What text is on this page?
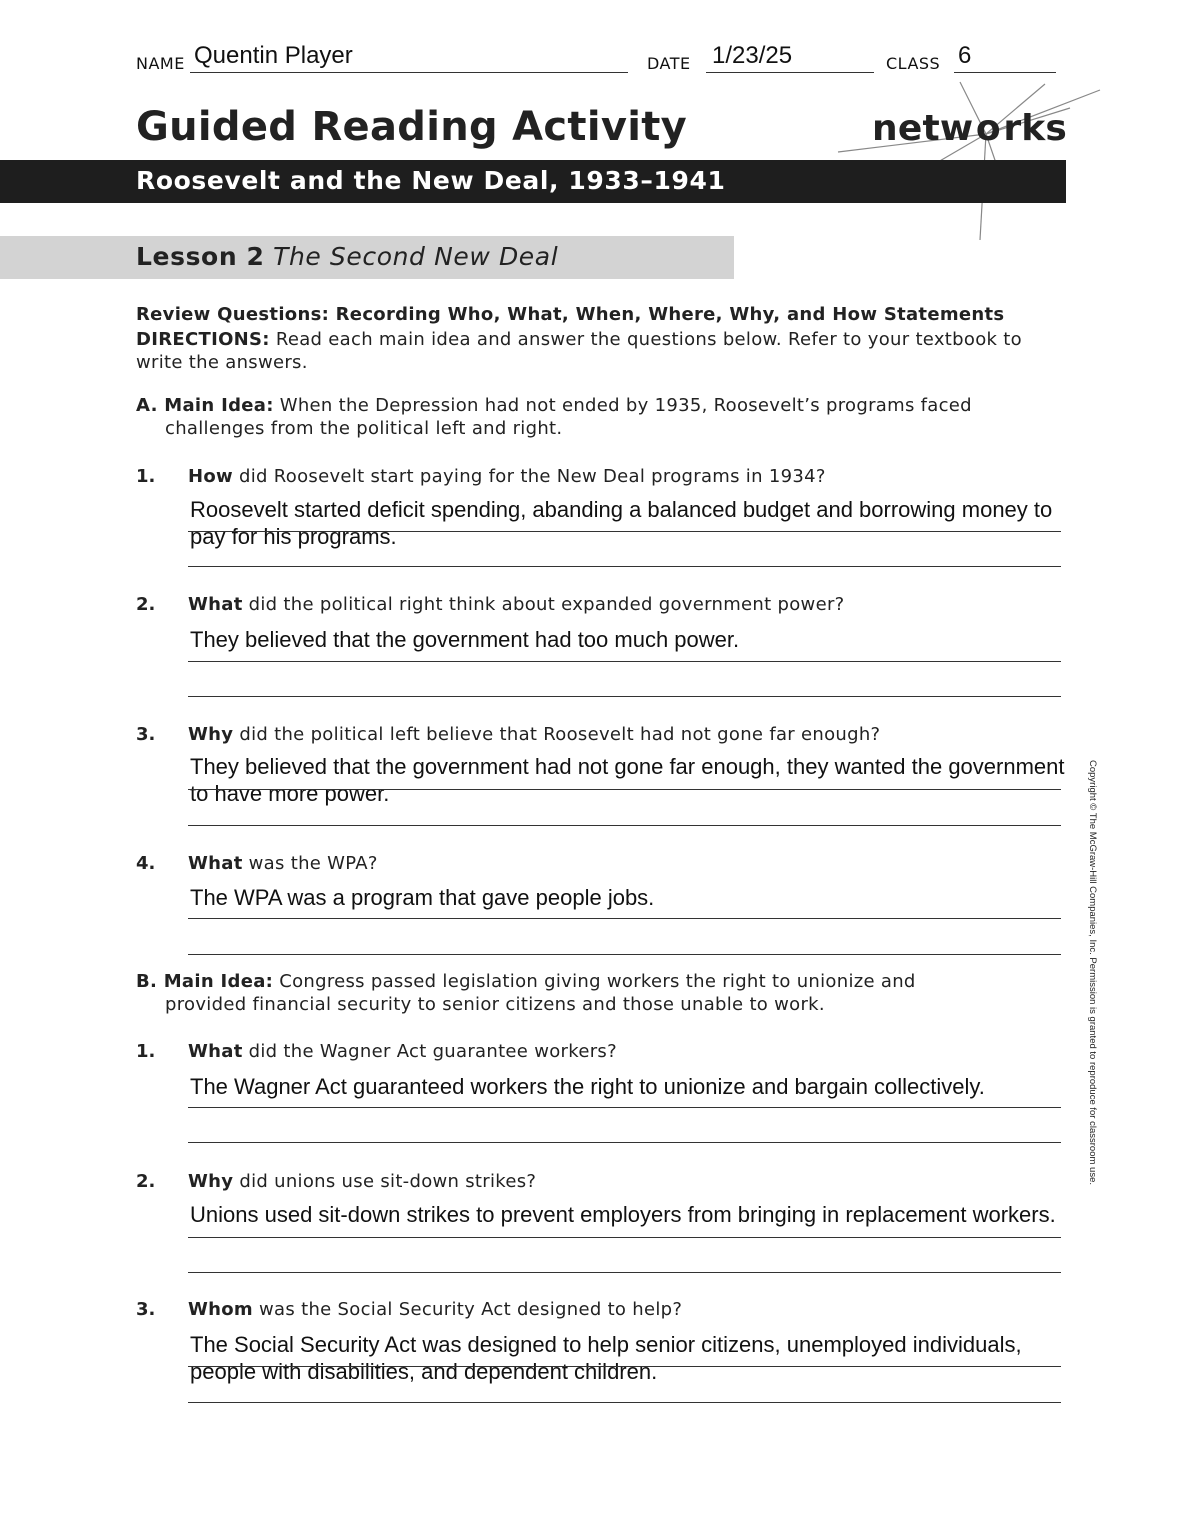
NAME Quentin Player	DATE 1/23/25	CLASS 6
Guided Reading Activity	networks
Roosevelt and the New Deal, 1933–1941
Lesson 2 The Second New Deal
Review Questions: Recording Who, What, When, Where, Why, and How Statements
DIRECTIONS: Read each main idea and answer the questions below. Refer to your textbook to write the answers.
A. Main Idea: When the Depression had not ended by 1935, Roosevelt’s programs faced
challenges from the political left and right.
1. How did Roosevelt start paying for the New Deal programs in 1934?
Roosevelt started deficit spending, abanding a balanced budget and borrowing money to pay for his programs.
2. What did the political right think about expanded government power?
They believed that the government had too much power.
3. Why did the political left believe that Roosevelt had not gone far enough?
They believed that the government had not gone far enough, they wanted the government to have more power.
4. What was the WPA?
The WPA was a program that gave people jobs.
B. Main Idea: Congress passed legislation giving workers the right to unionize and
provided financial security to senior citizens and those unable to work.
1. What did the Wagner Act guarantee workers?
The Wagner Act guaranteed workers the right to unionize and bargain collectively.
2. Why did unions use sit-down strikes?
Unions used sit-down strikes to prevent employers from bringing in replacement workers.
3. Whom was the Social Security Act designed to help?
The Social Security Act was designed to help senior citizens, unemployed individuals, people with disabilities, and dependent children.
Copyright © The McGraw-Hill Companies, Inc. Permission is granted to reproduce for classroom use.
